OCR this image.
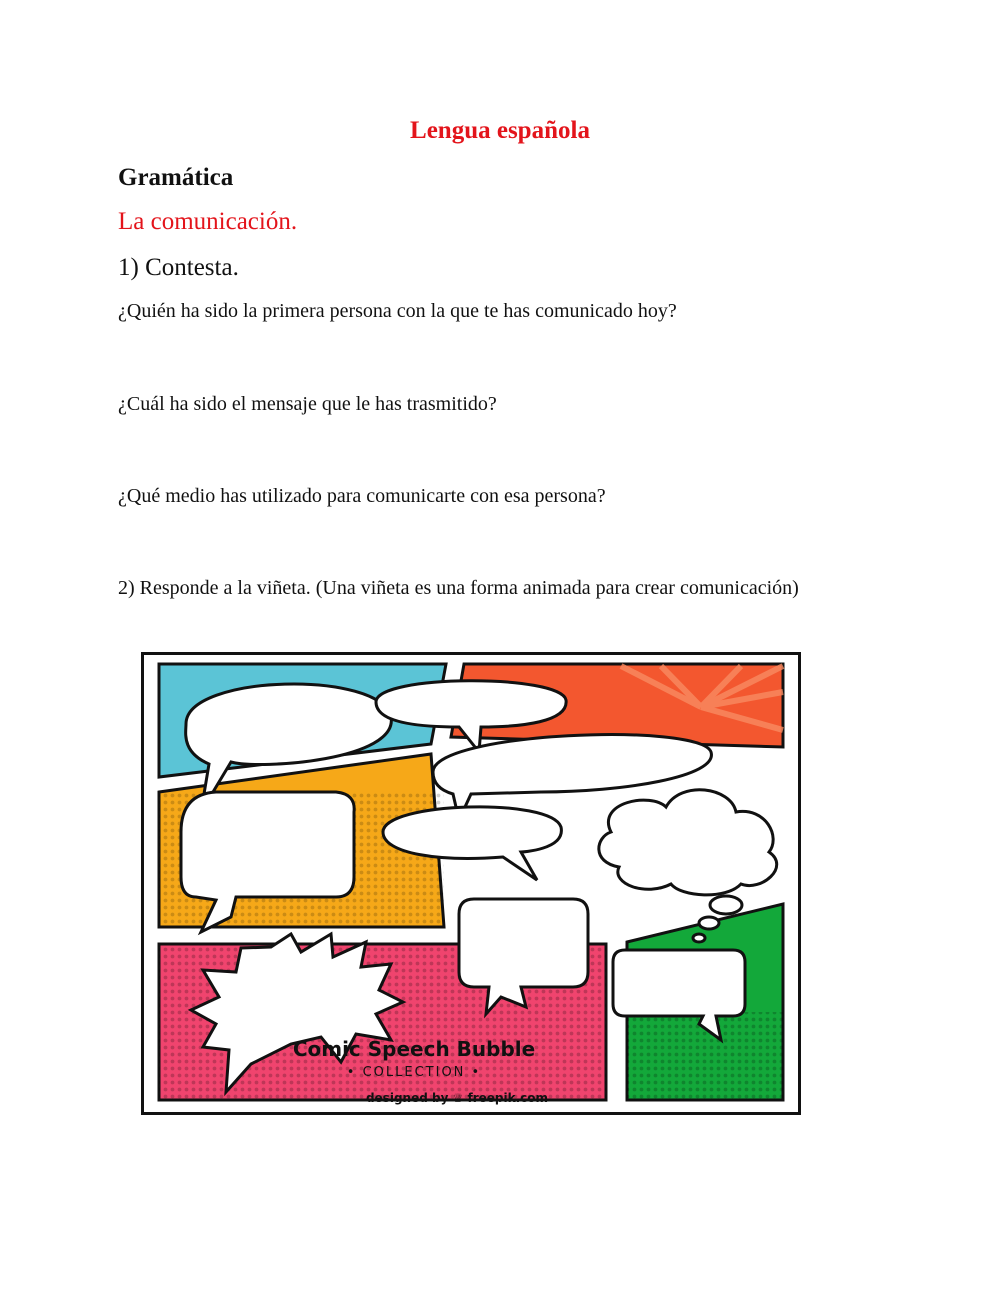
Lengua española
Gramática

La comunicación.

1) Contesta.

¿Quién ha sido la primera persona con la que te has comunicado hoy?

¿Cuál ha sido el mensaje que le has trasmitido?

¿Qué medio has utilizado para comunicarte con esa persona?

2) Responde a la viñeta. (Una viñeta es una forma animada para crear comunicación)

Comic Speech Bubble
• COLLECTION •
designed by ♕ freepik.com
